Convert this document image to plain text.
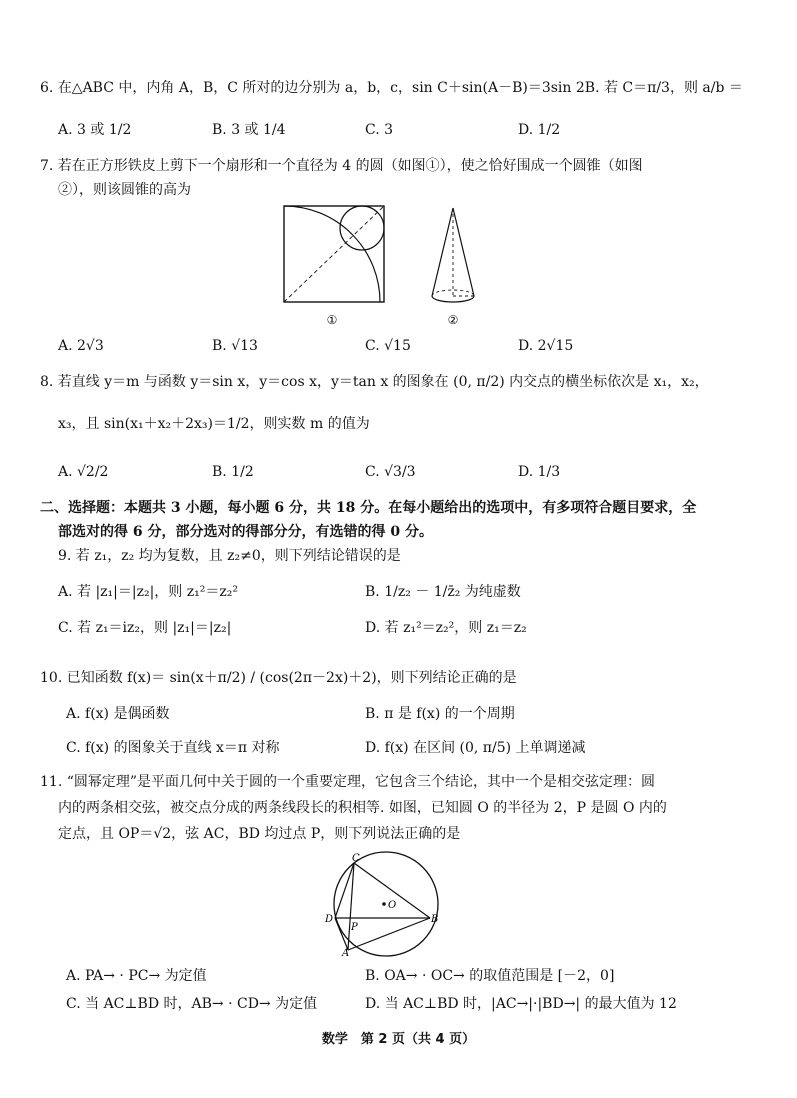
6. 在△ABC 中，内角 A，B，C 所对的边分别为 a，b，c，sin C＋sin(A－B)＝3sin 2B. 若 C＝π/3，则 a/b ＝
A. 3 或 1/2	B. 3 或 1/4	C. 3	D. 1/2
7. 若在正方形铁皮上剪下一个扇形和一个直径为 4 的圆（如图①），使之恰好围成一个圆锥（如图
②），则该圆锥的高为
①	②
A. 2√3	B. √13	C. √15	D. 2√15
8. 若直线 y＝m 与函数 y＝sin x，y＝cos x，y＝tan x 的图象在 (0, π/2) 内交点的横坐标依次是 x₁，x₂，
x₃，且 sin(x₁＋x₂＋2x₃)＝1/2，则实数 m 的值为
A. √2/2	B. 1/2	C. √3/3	D. 1/3
二、选择题：本题共 3 小题，每小题 6 分，共 18 分。在每小题给出的选项中，有多项符合题目要求，全
部选对的得 6 分，部分选对的得部分分，有选错的得 0 分。
9. 若 z₁，z₂ 均为复数，且 z₂≠0，则下列结论错误的是
A. 若 |z₁|＝|z₂|，则 z₁²＝z₂²	B. 1/z₂ － 1/z̄₂ 为纯虚数
C. 若 z₁＝iz₂，则 |z₁|＝|z₂|	D. 若 z₁²＝z₂²，则 z₁＝z₂
10. 已知函数 f(x)＝ sin(x＋π/2) / (cos(2π－2x)＋2)，则下列结论正确的是
A. f(x) 是偶函数	B. π 是 f(x) 的一个周期
C. f(x) 的图象关于直线 x＝π 对称	D. f(x) 在区间 (0, π/5) 上单调递减
11. “圆幂定理”是平面几何中关于圆的一个重要定理，它包含三个结论，其中一个是相交弦定理：圆
内的两条相交弦，被交点分成的两条线段长的积相等. 如图，已知圆 O 的半径为 2，P 是圆 O 内的
定点，且 OP＝√2，弦 AC，BD 均过点 P，则下列说法正确的是
C
D
P
O
B
A
A. PA→ · PC→ 为定值	B. OA→ · OC→ 的取值范围是 [－2，0]
C. 当 AC⊥BD 时，AB→ · CD→ 为定值	D. 当 AC⊥BD 时，|AC→|·|BD→| 的最大值为 12
数学　第 2 页（共 4 页）
